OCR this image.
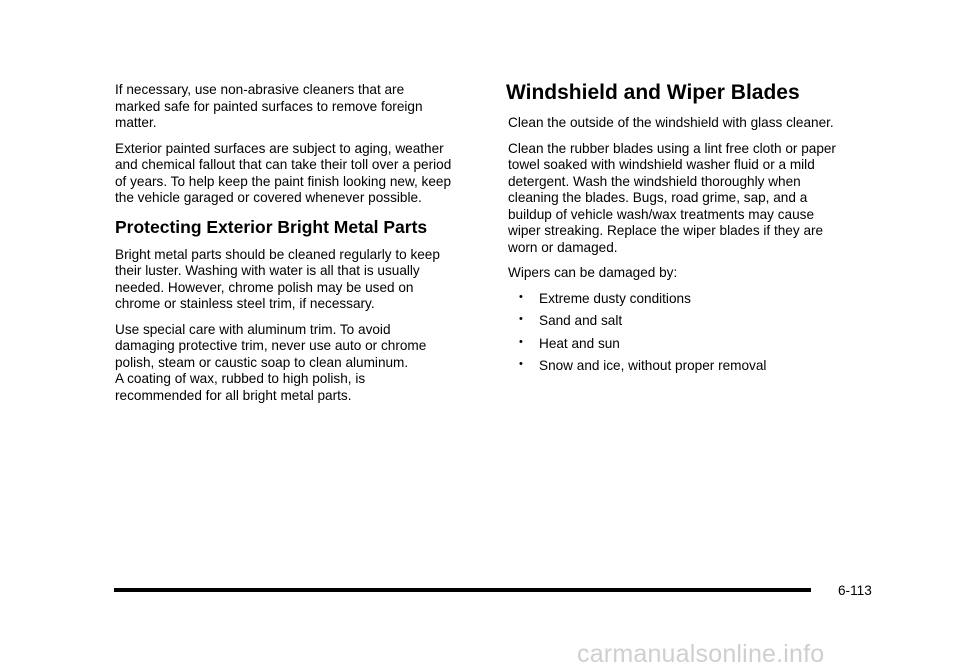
If necessary, use non-abrasive cleaners that are
marked safe for painted surfaces to remove foreign
matter.

Exterior painted surfaces are subject to aging, weather
and chemical fallout that can take their toll over a period
of years. To help keep the paint finish looking new, keep
the vehicle garaged or covered whenever possible.

Protecting Exterior Bright Metal Parts

Bright metal parts should be cleaned regularly to keep
their luster. Washing with water is all that is usually
needed. However, chrome polish may be used on
chrome or stainless steel trim, if necessary.

Use special care with aluminum trim. To avoid
damaging protective trim, never use auto or chrome
polish, steam or caustic soap to clean aluminum.
A coating of wax, rubbed to high polish, is
recommended for all bright metal parts.

Windshield and Wiper Blades

Clean the outside of the windshield with glass cleaner.

Clean the rubber blades using a lint free cloth or paper
towel soaked with windshield washer fluid or a mild
detergent. Wash the windshield thoroughly when
cleaning the blades. Bugs, road grime, sap, and a
buildup of vehicle wash/wax treatments may cause
wiper streaking. Replace the wiper blades if they are
worn or damaged.

Wipers can be damaged by:

• Extreme dusty conditions
• Sand and salt
• Heat and sun
• Snow and ice, without proper removal
6-113
carmanualsonline.info
